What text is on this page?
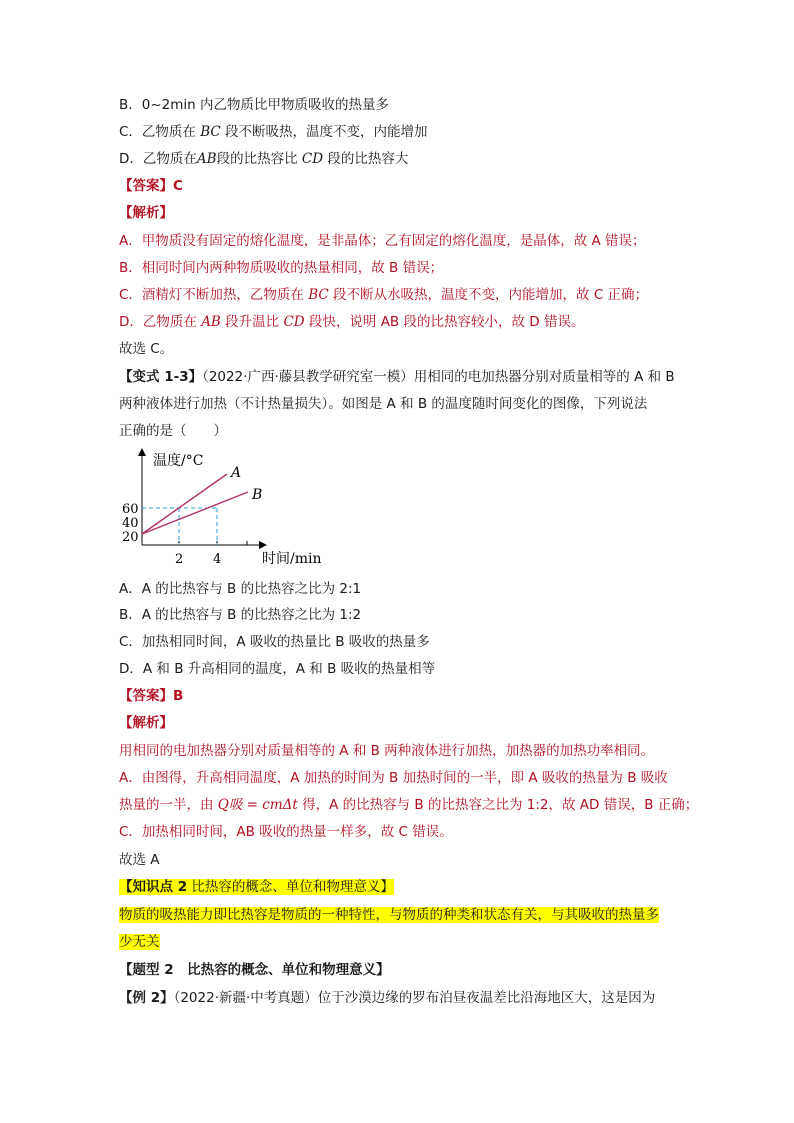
B．0~2min 内乙物质比甲物质吸收的热量多
C．乙物质在 BC 段不断吸热，温度不变，内能增加
D．乙物质在AB段的比热容比 CD 段的比热容大
【答案】C
【解析】
A．甲物质没有固定的熔化温度，是非晶体；乙有固定的熔化温度，是晶体，故 A 错误；
B．相同时间内两种物质吸收的热量相同，故 B 错误；
C．酒精灯不断加热，乙物质在 BC 段不断从水吸热，温度不变，内能增加，故 C 正确；
D．乙物质在 AB 段升温比 CD 段快，说明 AB 段的比热容较小，故 D 错误。
故选 C。
【变式 1-3】（2022·广西·藤县教学研究室一模）用相同的电加热器分别对质量相等的 A 和 B
两种液体进行加热（不计热量损失）。如图是 A 和 B 的温度随时间变化的图像，下列说法
正确的是（　　）
温度/°C
时间/min
20
40
60
2 4
A
B
A．A 的比热容与 B 的比热容之比为 2:1
B．A 的比热容与 B 的比热容之比为 1:2
C．加热相同时间，A 吸收的热量比 B 吸收的热量多
D．A 和 B 升高相同的温度，A 和 B 吸收的热量相等
【答案】B
【解析】
用相同的电加热器分别对质量相等的 A 和 B 两种液体进行加热，加热器的加热功率相同。
A．由图得，升高相同温度，A 加热的时间为 B 加热时间的一半，即 A 吸收的热量为 B 吸收
热量的一半，由 Q吸 = cmΔt 得，A 的比热容与 B 的比热容之比为 1:2，故 AD 错误，B 正确；
C．加热相同时间，AB 吸收的热量一样多，故 C 错误。
故选 A
【知识点 2 比热容的概念、单位和物理意义】
物质的吸热能力即比热容是物质的一种特性，与物质的种类和状态有关，与其吸收的热量多
少无关
【题型 2　比热容的概念、单位和物理意义】
【例 2】（2022·新疆·中考真题）位于沙漠边缘的罗布泊昼夜温差比沿海地区大，这是因为
